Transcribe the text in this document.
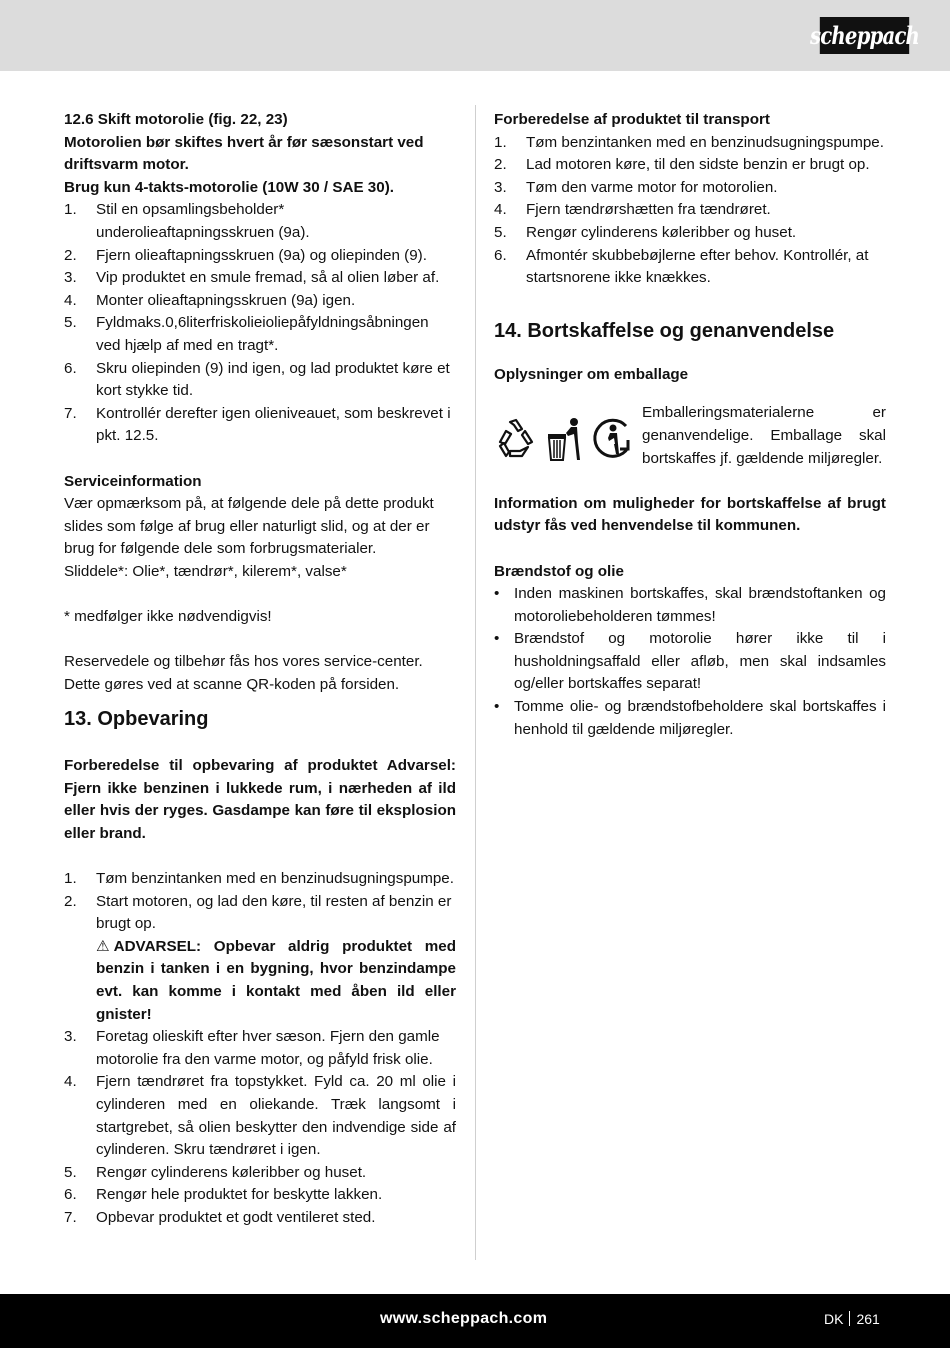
scheppach

12.6 Skift motorolie (fig. 22, 23)

Motorolien bør skiftes hvert år før sæsonstart ved driftsvarm motor.

Brug kun 4-takts-motorolie (10W 30 / SAE 30).

1.	Stil en opsamlingsbeholder* underolieaftapningsskruen (9a).
2.	Fjern olieaftapningsskruen (9a) og oliepinden (9).
3.	Vip produktet en smule fremad, så al olien løber af.
4.	Monter olieaftapningsskruen (9a) igen.
5.	Fyldmaks.0,6literfriskolieioliepåfyldningsåbningen ved hjælp af med en tragt*.
6.	Skru oliepinden (9) ind igen, og lad produktet køre et kort stykke tid.
7.	Kontrollér derefter igen olieniveauet, som beskrevet i pkt. 12.5.

Serviceinformation

Vær opmærksom på, at følgende dele på dette produkt slides som følge af brug eller naturligt slid, og at der er brug for følgende dele som forbrugsmaterialer.

Sliddele*: Olie*, tændrør*, kilerem*, valse*

* medfølger ikke nødvendigvis!

Reservedele og tilbehør fås hos vores service-center. Dette gøres ved at scanne QR-koden på forsiden.

13. Opbevaring

Forberedelse til opbevaring af produktet Advarsel: Fjern ikke benzinen i lukkede rum, i nærheden af ild eller hvis der ryges. Gasdampe kan føre til eksplosion eller brand.

1.	Tøm benzintanken med en benzinudsugningspumpe.
2.	Start motoren, og lad den køre, til resten af benzin er brugt op.

⚠ ADVARSEL: Opbevar aldrig produktet med benzin i tanken i en bygning, hvor benzindampe evt. kan komme i kontakt med åben ild eller gnister!
3.	Foretag olieskift efter hver sæson. Fjern den gamle motorolie fra den varme motor, og påfyld frisk olie.
4.	Fjern tændrøret fra topstykket. Fyld ca. 20 ml olie i cylinderen med en oliekande. Træk langsomt i startgrebet, så olien beskytter den indvendige side af cylinderen. Skru tændrøret i igen.
5.	Rengør cylinderens køleribber og huset.
6.	Rengør hele produktet for beskytte lakken.
7.	Opbevar produktet et godt ventileret sted.

Forberedelse af produktet til transport

1.	Tøm benzintanken med en benzinudsugningspumpe.
2.	Lad motoren køre, til den sidste benzin er brugt op.
3.	Tøm den varme motor for motorolien.
4.	Fjern tændrørshætten fra tændrøret.
5.	Rengør cylinderens køleribber og huset.
6.	Afmontér skubbebøjlerne efter behov. Kontrollér, at startsnorene ikke knækkes.
14. Bortskaffelse og genanvendelse

Oplysninger om emballage

Emballeringsmaterialerne er genanvendelige. Emballage skal bortskaffes jf. gældende miljøregler.

Information om muligheder for bortskaffelse af brugt udstyr fås ved henvendelse til kommunen.

Brændstof og olie

• Inden maskinen bortskaffes, skal brændstoftanken og motoroliebeholderen tømmes!
• Brændstof og motorolie hører ikke til i husholdningsaffald eller afløb, men skal indsamles og/eller bortskaffes separat!
• Tomme olie- og brændstofbeholdere skal bortskaffes i henhold til gældende miljøregler.
www.scheppach.com	DK 261
